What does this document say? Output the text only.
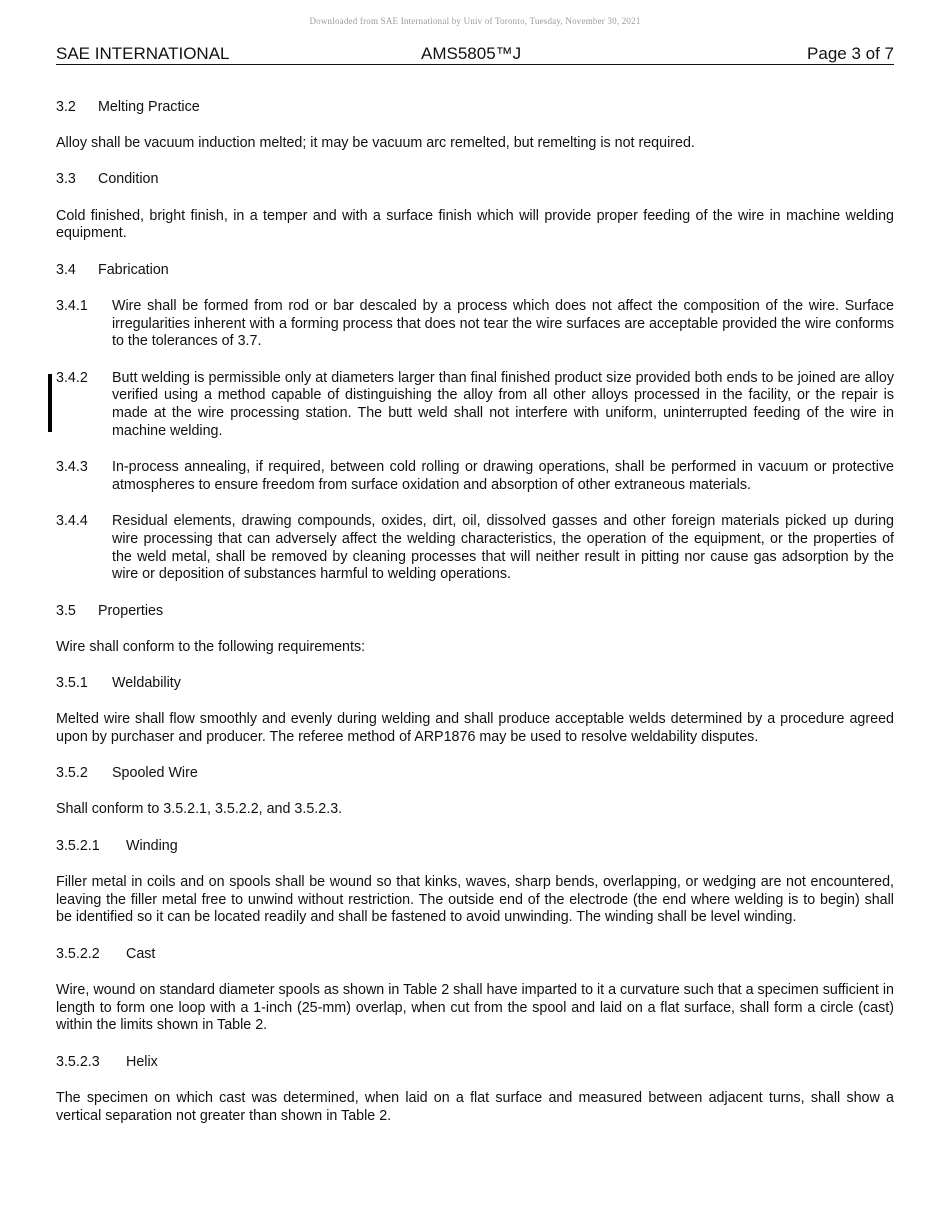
Downloaded from SAE International by Univ of Toronto, Tuesday, November 30, 2021
SAE INTERNATIONAL	AMS5805™J	Page 3 of 7
3.2 Melting Practice
Alloy shall be vacuum induction melted; it may be vacuum arc remelted, but remelting is not required.
3.3 Condition
Cold finished, bright finish, in a temper and with a surface finish which will provide proper feeding of the wire in machine welding equipment.
3.4 Fabrication
3.4.1	Wire shall be formed from rod or bar descaled by a process which does not affect the composition of the wire. Surface irregularities inherent with a forming process that does not tear the wire surfaces are acceptable provided the wire conforms to the tolerances of 3.7.
3.4.2	Butt welding is permissible only at diameters larger than final finished product size provided both ends to be joined are alloy verified using a method capable of distinguishing the alloy from all other alloys processed in the facility, or the repair is made at the wire processing station. The butt weld shall not interfere with uniform, uninterrupted feeding of the wire in machine welding.
3.4.3	In-process annealing, if required, between cold rolling or drawing operations, shall be performed in vacuum or protective atmospheres to ensure freedom from surface oxidation and absorption of other extraneous materials.
3.4.4	Residual elements, drawing compounds, oxides, dirt, oil, dissolved gasses and other foreign materials picked up during wire processing that can adversely affect the welding characteristics, the operation of the equipment, or the properties of the weld metal, shall be removed by cleaning processes that will neither result in pitting nor cause gas adsorption by the wire or deposition of substances harmful to welding operations.
3.5 Properties
Wire shall conform to the following requirements:
3.5.1 Weldability
Melted wire shall flow smoothly and evenly during welding and shall produce acceptable welds determined by a procedure agreed upon by purchaser and producer. The referee method of ARP1876 may be used to resolve weldability disputes.
3.5.2 Spooled Wire
Shall conform to 3.5.2.1, 3.5.2.2, and 3.5.2.3.
3.5.2.1 Winding
Filler metal in coils and on spools shall be wound so that kinks, waves, sharp bends, overlapping, or wedging are not encountered, leaving the filler metal free to unwind without restriction. The outside end of the electrode (the end where welding is to begin) shall be identified so it can be located readily and shall be fastened to avoid unwinding. The winding shall be level winding.
3.5.2.2 Cast
Wire, wound on standard diameter spools as shown in Table 2 shall have imparted to it a curvature such that a specimen sufficient in length to form one loop with a 1-inch (25-mm) overlap, when cut from the spool and laid on a flat surface, shall form a circle (cast) within the limits shown in Table 2.
3.5.2.3 Helix
The specimen on which cast was determined, when laid on a flat surface and measured between adjacent turns, shall show a vertical separation not greater than shown in Table 2.
